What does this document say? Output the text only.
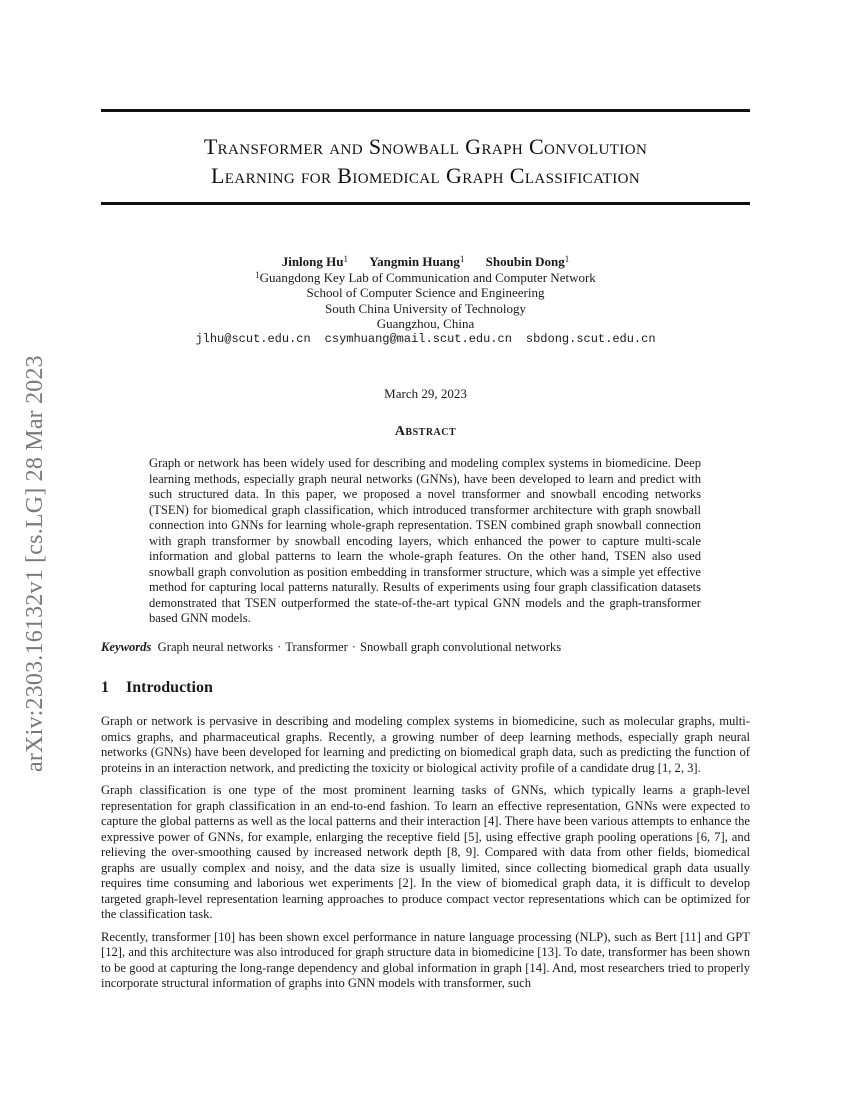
Transformer and Snowball Graph Convolution
Learning for Biomedical Graph Classification
arXiv:2303.16132v1 [cs.LG] 28 Mar 2023
Jinlong Hu$^1$ Yangmin Huang$^1$ Shoubin Dong$^1$
$^1$Guangdong Key Lab of Communication and Computer Network
School of Computer Science and Engineering
South China University of Technology
Guangzhou, China
jlhu@scut.edu.cn csymhuang@mail.scut.edu.cn sbdong.scut.edu.cn
March 29, 2023
Abstract
Graph or network has been widely used for describing and modeling complex systems in biomedicine. Deep learning methods, especially graph neural networks (GNNs), have been developed to learn and predict with such structured data. In this paper, we proposed a novel transformer and snowball encoding networks (TSEN) for biomedical graph classification, which introduced transformer architecture with graph snowball connection into GNNs for learning whole-graph representation. TSEN combined graph snowball connection with graph transformer by snowball encoding layers, which enhanced the power to capture multi-scale information and global patterns to learn the whole-graph features. On the other hand, TSEN also used snowball graph convolution as position embedding in transformer structure, which was a simple yet effective method for capturing local patterns naturally. Results of experiments using four graph classification datasets demonstrated that TSEN outperformed the state-of-the-art typical GNN models and the graph-transformer based GNN models.
Keywords Graph neural networks · Transformer · Snowball graph convolutional networks
1 Introduction

Graph or network is pervasive in describing and modeling complex systems in biomedicine, such as molecular graphs, multi-omics graphs, and pharmaceutical graphs. Recently, a growing number of deep learning methods, especially graph neural networks (GNNs) have been developed for learning and predicting on biomedical graph data, such as predicting the function of proteins in an interaction network, and predicting the toxicity or biological activity profile of a candidate drug [1, 2, 3].

Graph classification is one type of the most prominent learning tasks of GNNs, which typically learns a graph-level representation for graph classification in an end-to-end fashion. To learn an effective representation, GNNs were expected to capture the global patterns as well as the local patterns and their interaction [4]. There have been various attempts to enhance the expressive power of GNNs, for example, enlarging the receptive field [5], using effective graph pooling operations [6, 7], and relieving the over-smoothing caused by increased network depth [8, 9]. Compared with data from other fields, biomedical graphs are usually complex and noisy, and the data size is usually limited, since collecting biomedical graph data usually requires time consuming and laborious wet experiments [2]. In the view of biomedical graph data, it is difficult to develop targeted graph-level representation learning approaches to produce compact vector representations which can be optimized for the classification task.

Recently, transformer [10] has been shown excel performance in nature language processing (NLP), such as Bert [11] and GPT [12], and this architecture was also introduced for graph structure data in biomedicine [13]. To date, transformer has been shown to be good at capturing the long-range dependency and global information in graph [14]. And, most researchers tried to properly incorporate structural information of graphs into GNN models with transformer, such
